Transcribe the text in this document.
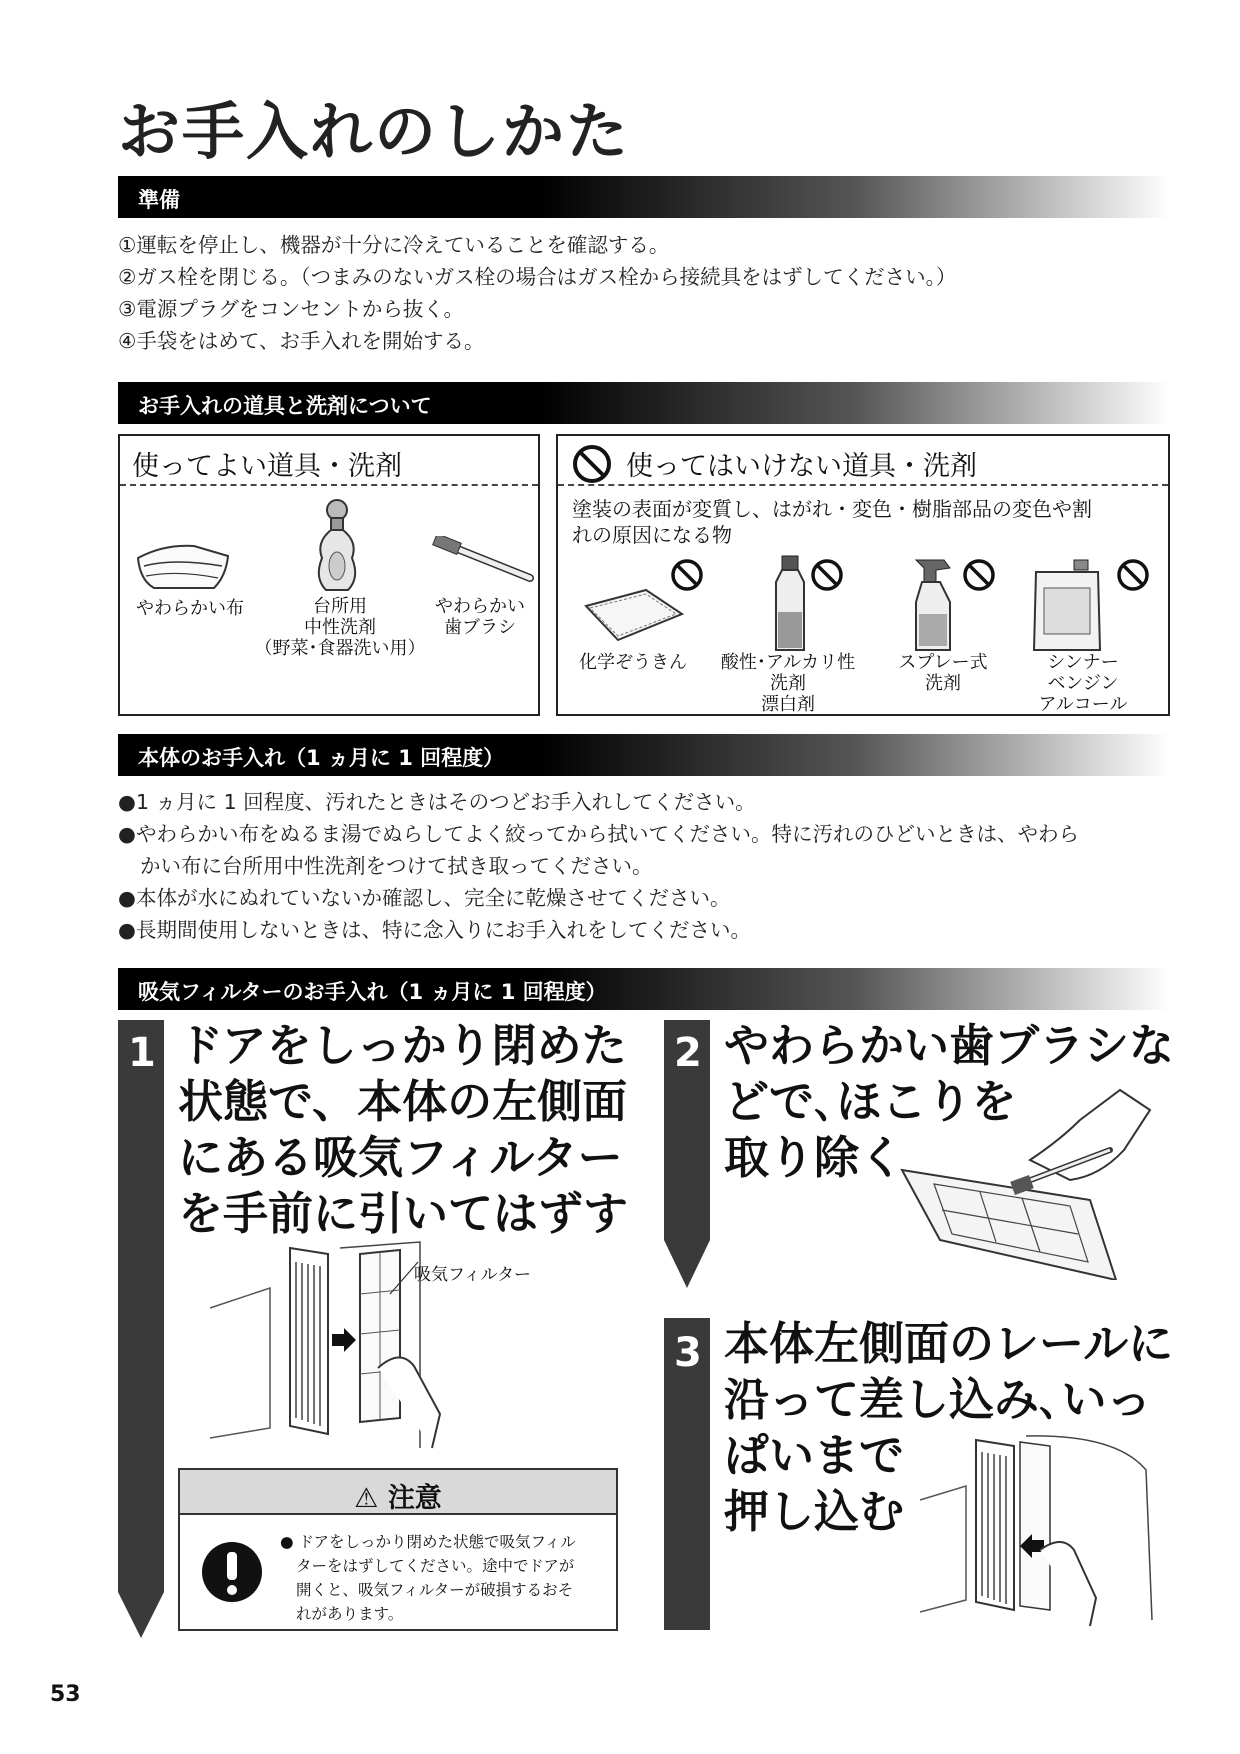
お手入れのしかた
準備
①運転を停止し、機器が十分に冷えていることを確認する。
②ガス栓を閉じる。（つまみのないガス栓の場合はガス栓から接続具をはずしてください。）
③電源プラグをコンセントから抜く。
④手袋をはめて、お手入れを開始する。
お手入れの道具と洗剤について
使ってよい道具・洗剤
やわらかい布	台所用
中性洗剤
（野菜･食器洗い用）
やわらかい
歯ブラシ
使ってはいけない道具・洗剤
塗装の表面が変質し、はがれ・変色・樹脂部品の変色や割
れの原因になる物
化学ぞうきん	酸性･アルカリ性
洗剤
漂白剤
スプレー式
洗剤
シンナー
ベンジン
アルコール
本体のお手入れ（1 ヵ月に 1 回程度）
●1 ヵ月に 1 回程度、汚れたときはそのつどお手入れしてください。
●やわらかい布をぬるま湯でぬらしてよく絞ってから拭いてください。特に汚れのひどいときは、やわら
かい布に台所用中性洗剤をつけて拭き取ってください。
●本体が水にぬれていないか確認し、完全に乾燥させてください。
●長期間使用しないときは、特に念入りにお手入れをしてください。
吸気フィルターのお手入れ（1 ヵ月に 1 回程度）
1 ドアをしっかり閉めた
状態で、本体の左側面
にある吸気フィルター
を手前に引いてはずす
吸気フィルター
⚠ 注意
● ドアをしっかり閉めた状態で吸気フィル
ターをはずしてください。途中でドアが
開くと、吸気フィルターが破損するおそ
れがあります。
2 やわらかい歯ブラシな
どで､ほこりを
取り除く
3 本体左側面のレールに
沿って差し込み､いっ
ぱいまで
押し込む
53
